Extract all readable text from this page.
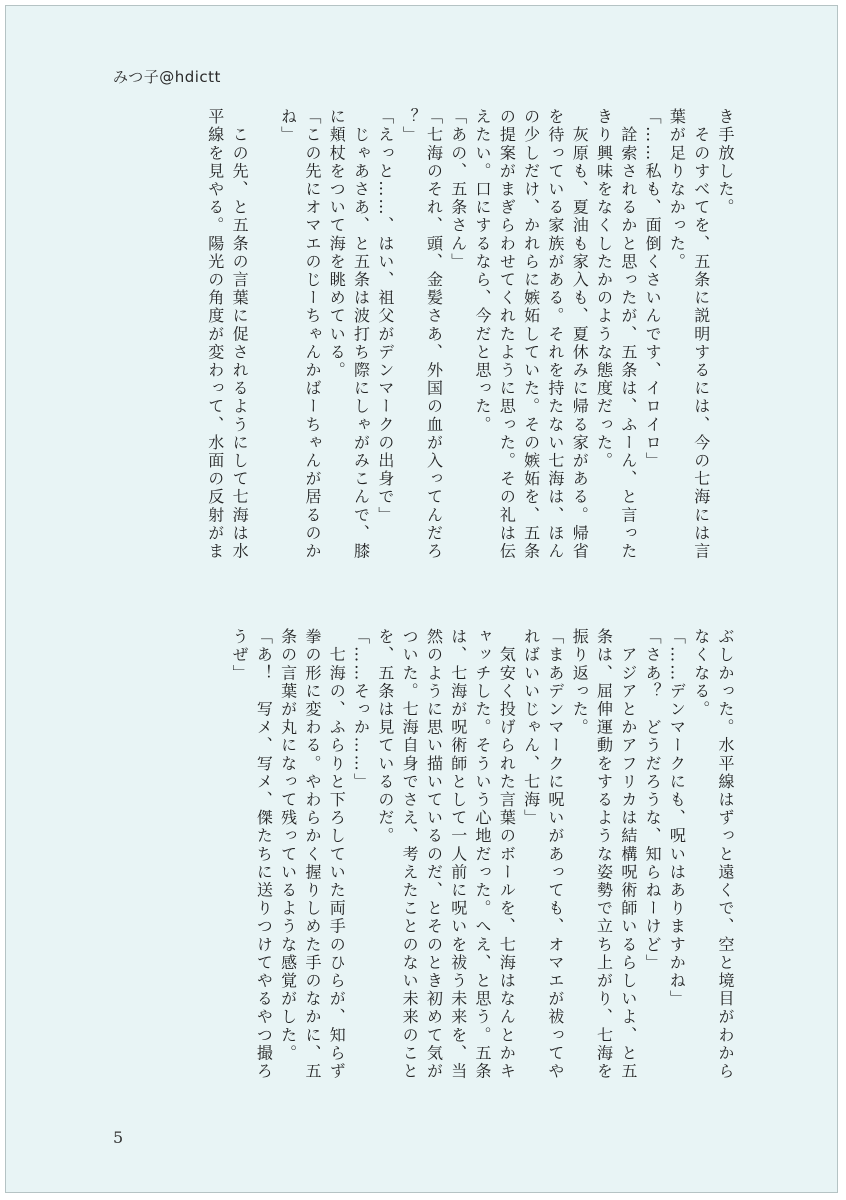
みつ子@hdictt
き手放した。
　そのすべてを、五条に説明するには、今の七海には言
葉が足りなかった。
「……私も、面倒くさいんです、イロイロ」
　詮索されるかと思ったが、五条は、ふーん、と言った
きり興味をなくしたかのような態度だった。
　灰原も、夏油も家入も、夏休みに帰る家がある。帰省
を待っている家族がある。それを持たない七海は、ほん
の少しだけ、かれらに嫉妬していた。その嫉妬を、五条
の提案がまぎらわせてくれたように思った。その礼は伝
えたい。口にするなら、今だと思った。
「あの、五条さん」
「七海のそれ、頭、金髪さあ、外国の血が入ってんだろ
？」
「えっと……、はい、祖父がデンマークの出身で」
　じゃあさあ、と五条は波打ち際にしゃがみこんで、膝
に頬杖をついて海を眺めている。
「この先にオマエのじーちゃんかばーちゃんが居るのか
ね」
　この先、と五条の言葉に促されるようにして七海は水
平線を見やる。陽光の角度が変わって、水面の反射がま
ぶしかった。水平線はずっと遠くで、空と境目がわから
なくなる。
「……デンマークにも、呪いはありますかね」
「さあ？　どうだろうな、知らねーけど」
　アジアとかアフリカは結構呪術師いるらしいよ、と五
条は、屈伸運動をするような姿勢で立ち上がり、七海を
振り返った。
「まあデンマークに呪いがあっても、オマエが祓ってや
ればいいじゃん、七海」
　気安く投げられた言葉のボールを、七海はなんとかキ
ャッチした。そういう心地だった。へえ、と思う。五条
は、七海が呪術師として一人前に呪いを祓う未来を、当
然のように思い描いているのだ、とそのとき初めて気が
ついた。七海自身でさえ、考えたことのない未来のこと
を、五条は見ているのだ。
「……そっか……」
　七海の、ふらりと下ろしていた両手のひらが、知らず
拳の形に変わる。やわらかく握りしめた手のなかに、五
条の言葉が丸になって残っているような感覚がした。
「あ！　写メ、写メ、傑たちに送りつけてやるやつ撮ろ
うぜ」
5
